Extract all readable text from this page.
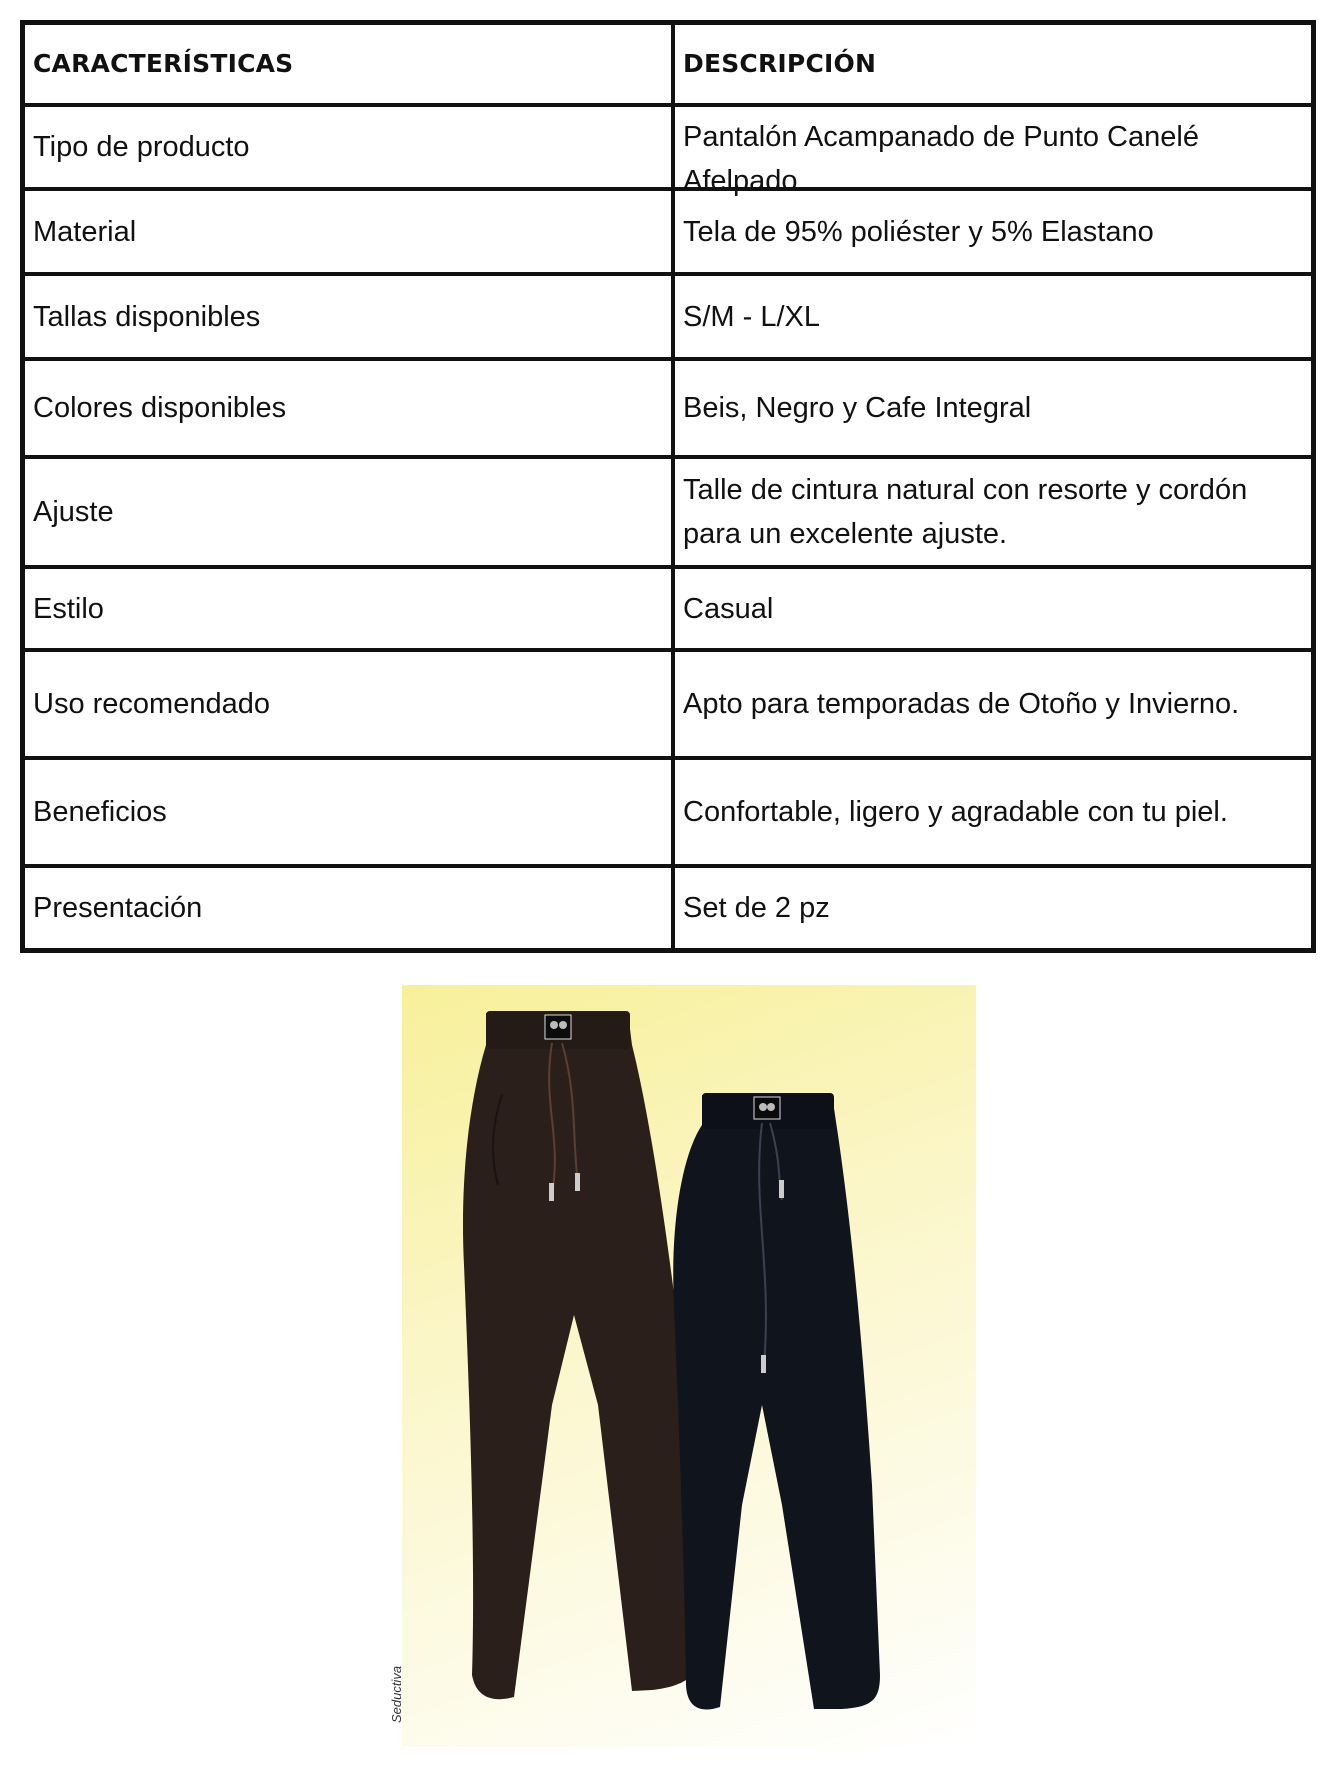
CARACTERÍSTICAS	DESCRIPCIÓN
Tipo de producto	Pantalón Acampanado de Punto Canelé Afelpado

Material	Tela de 95% poliéster y 5% Elastano
Tallas disponibles	S/M - L/XL
Colores disponibles	Beis, Negro y Cafe Integral
Ajuste	Talle de cintura natural con resorte y cordón para un excelente ajuste.
Estilo	Casual
Uso recomendado	Apto para temporadas de Otoño y Invierno.
Beneficios	Confortable, ligero y agradable con tu piel.
Presentación	Set de 2 pz
Seductiva
